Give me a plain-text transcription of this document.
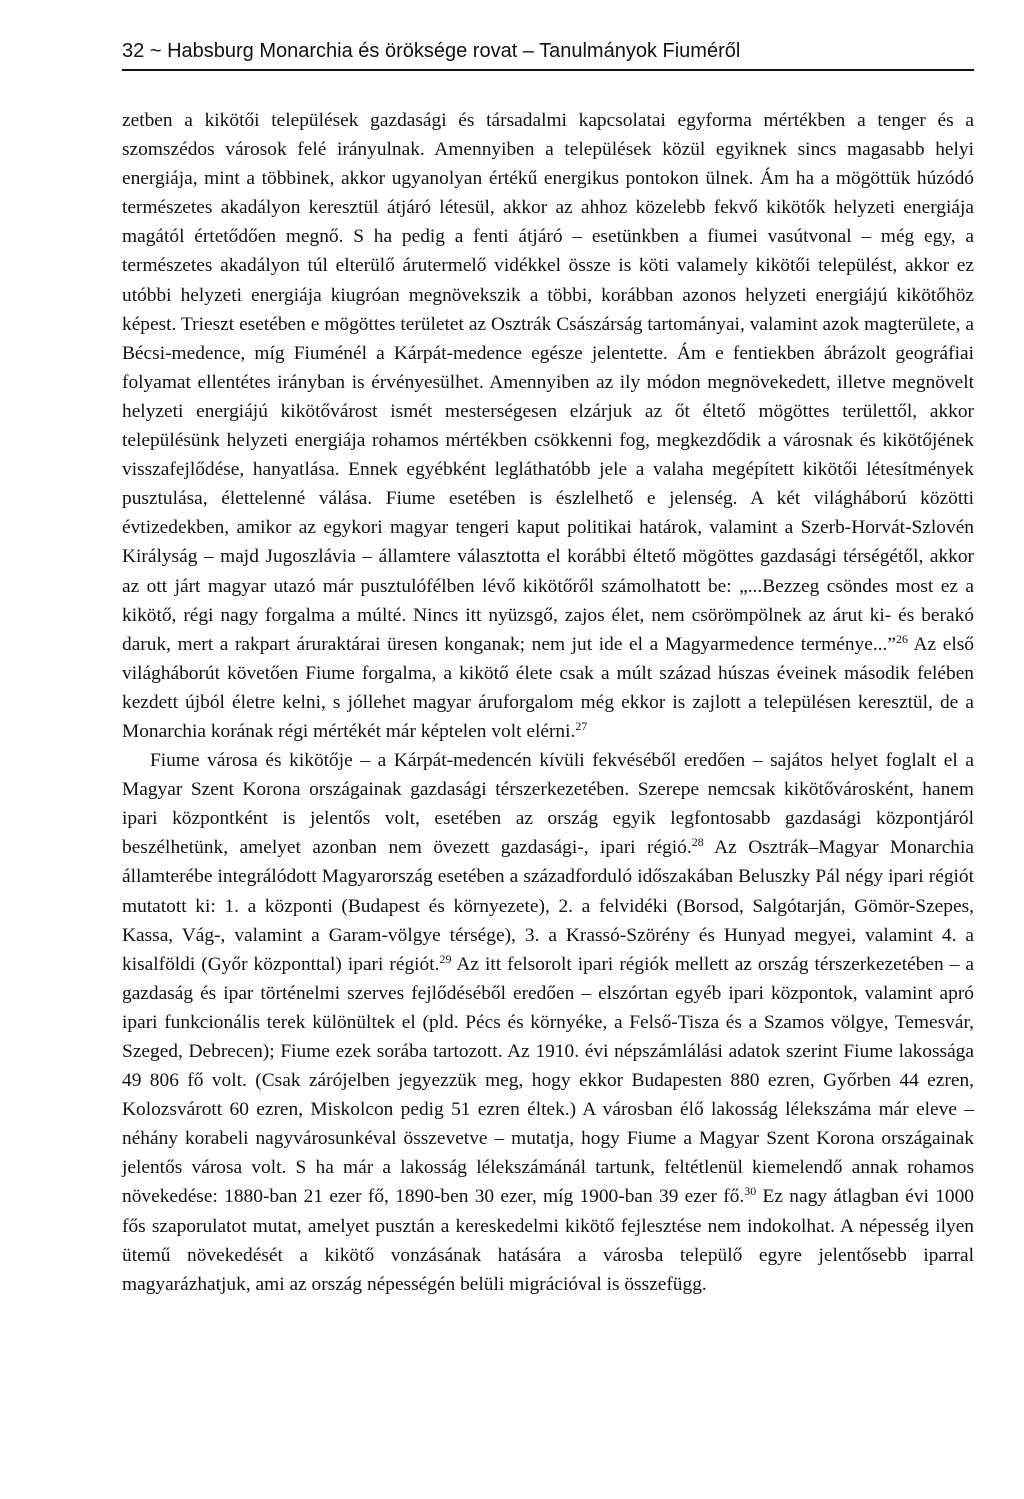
32 ~ Habsburg Monarchia és öröksége rovat – Tanulmányok Fiuméről

zetben a kikötői települések gazdasági és társadalmi kapcsolatai egyforma mértékben a tenger és a szomszédos városok felé irányulnak. Amennyiben a települések közül egyiknek sincs magasabb helyi energiája, mint a többinek, akkor ugyanolyan értékű energikus pontokon ülnek. Ám ha a mögöttük húzódó természetes akadályon keresztül átjáró létesül, akkor az ahhoz közelebb fekvő kikötők helyzeti energiája magától értetődően megnő. S ha pedig a fenti átjáró – esetünkben a fiumei vasútvonal – még egy, a természetes akadályon túl elterülő árutermelő vidékkel össze is köti valamely kikötői települést, akkor ez utóbbi helyzeti energiája kiugróan megnövekszik a többi, korábban azonos helyzeti energiájú kikötőhöz képest. Trieszt esetében e mögöttes területet az Osztrák Császárság tartományai, valamint azok magterülete, a Bécsi-medence, míg Fiuménél a Kárpát-medence egésze jelentette. Ám e fentiekben ábrázolt geográfiai folyamat ellentétes irányban is érvényesülhet. Amennyiben az ily módon megnövekedett, illetve megnövelt helyzeti energiájú kikötővárost ismét mesterségesen elzárjuk az őt éltető mögöttes területtől, akkor településünk helyzeti energiája rohamos mértékben csökkenni fog, megkezdődik a városnak és kikötőjének visszafejlődése, hanyatlása. Ennek egyébként legláthatóbb jele a valaha megépített kikötői létesítmények pusztulása, élettelenné válása. Fiume esetében is észlelhető e jelenség. A két világháború közötti évtizedekben, amikor az egykori magyar tengeri kaput politikai határok, valamint a Szerb-Horvát-Szlovén Királyság – majd Jugoszlávia – államtere választotta el korábbi éltető mögöttes gazdasági térségétől, akkor az ott járt magyar utazó már pusztulófélben lévő kikötőről számolhatott be: „...Bezzeg csöndes most ez a kikötő, régi nagy forgalma a múlté. Nincs itt nyüzsgő, zajos élet, nem csörömpölnek az árut ki- és berakó daruk, mert a rakpart áruraktárai üresen konganak; nem jut ide el a Magyarmedence terménye...”$^{26}$ Az első világháborút követően Fiume forgalma, a kikötő élete csak a múlt század húszas éveinek második felében kezdett újból életre kelni, s jóllehet magyar áruforgalom még ekkor is zajlott a településen keresztül, de a Monarchia korának régi mértékét már képtelen volt elérni.$^{27}$

Fiume városa és kikötője – a Kárpát-medencén kívüli fekvéséből eredően – sajátos helyet foglalt el a Magyar Szent Korona országainak gazdasági térszerkezetében. Szerepe nemcsak kikötővárosként, hanem ipari központként is jelentős volt, esetében az ország egyik legfontosabb gazdasági központjáról beszélhetünk, amelyet azonban nem övezett gazdasági-, ipari régió.$^{28}$ Az Osztrák–Magyar Monarchia államterébe integrálódott Magyarország esetében a századforduló időszakában Beluszky Pál négy ipari régiót mutatott ki: 1. a központi (Budapest és környezete), 2. a felvidéki (Borsod, Salgótarján, Gömör-Szepes, Kassa, Vág-, valamint a Garam-völgye térsége), 3. a Krassó-Szörény és Hunyad megyei, valamint 4. a kisalföldi (Győr központtal) ipari régiót.$^{29}$ Az itt felsorolt ipari régiók mellett az ország térszerkezetében – a gazdaság és ipar történelmi szerves fejlődéséből eredően – elszórtan egyéb ipari központok, valamint apró ipari funkcionális terek különültek el (pld. Pécs és környéke, a Felső-Tisza és a Szamos völgye, Temesvár, Szeged, Debrecen); Fiume ezek sorába tartozott. Az 1910. évi népszámlálási adatok szerint Fiume lakossága 49 806 fő volt. (Csak zárójelben jegyezzük meg, hogy ekkor Budapesten 880 ezren, Győrben 44 ezren, Kolozsvárott 60 ezren, Miskolcon pedig 51 ezren éltek.) A városban élő lakosság lélekszáma már eleve – néhány korabeli nagyvárosunkéval összevetve – mutatja, hogy Fiume a Magyar Szent Korona országainak jelentős városa volt. S ha már a lakosság lélekszámánál tartunk, feltétlenül kiemelendő annak rohamos növekedése: 1880-ban 21 ezer fő, 1890-ben 30 ezer, míg 1900-ban 39 ezer fő.$^{30}$ Ez nagy átlagban évi 1000 fős szaporulatot mutat, amelyet pusztán a kereskedelmi kikötő fejlesztése nem indokolhat. A népesség ilyen ütemű növekedését a kikötő vonzásának hatására a városba települő egyre jelentősebb iparral magyarázhatjuk, ami az ország népességén belüli migrációval is összefügg.
